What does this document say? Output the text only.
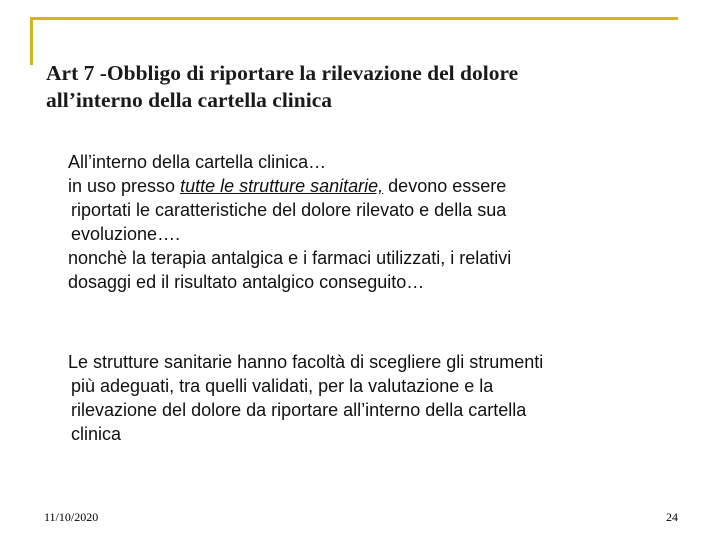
Art 7 -Obbligo di riportare la rilevazione del dolore
all’interno della cartella clinica

All’interno della cartella clinica…

in uso presso tutte le strutture sanitarie, devono essere

riportati le caratteristiche del dolore rilevato e della sua

evoluzione….

nonchè la terapia antalgica e i farmaci utilizzati, i relativi

dosaggi ed il risultato antalgico conseguito…

Le strutture sanitarie hanno facoltà di scegliere gli strumenti

più adeguati, tra quelli validati, per la valutazione e la

rilevazione del dolore da riportare all’interno della cartella

clinica

11/10/2020	24
